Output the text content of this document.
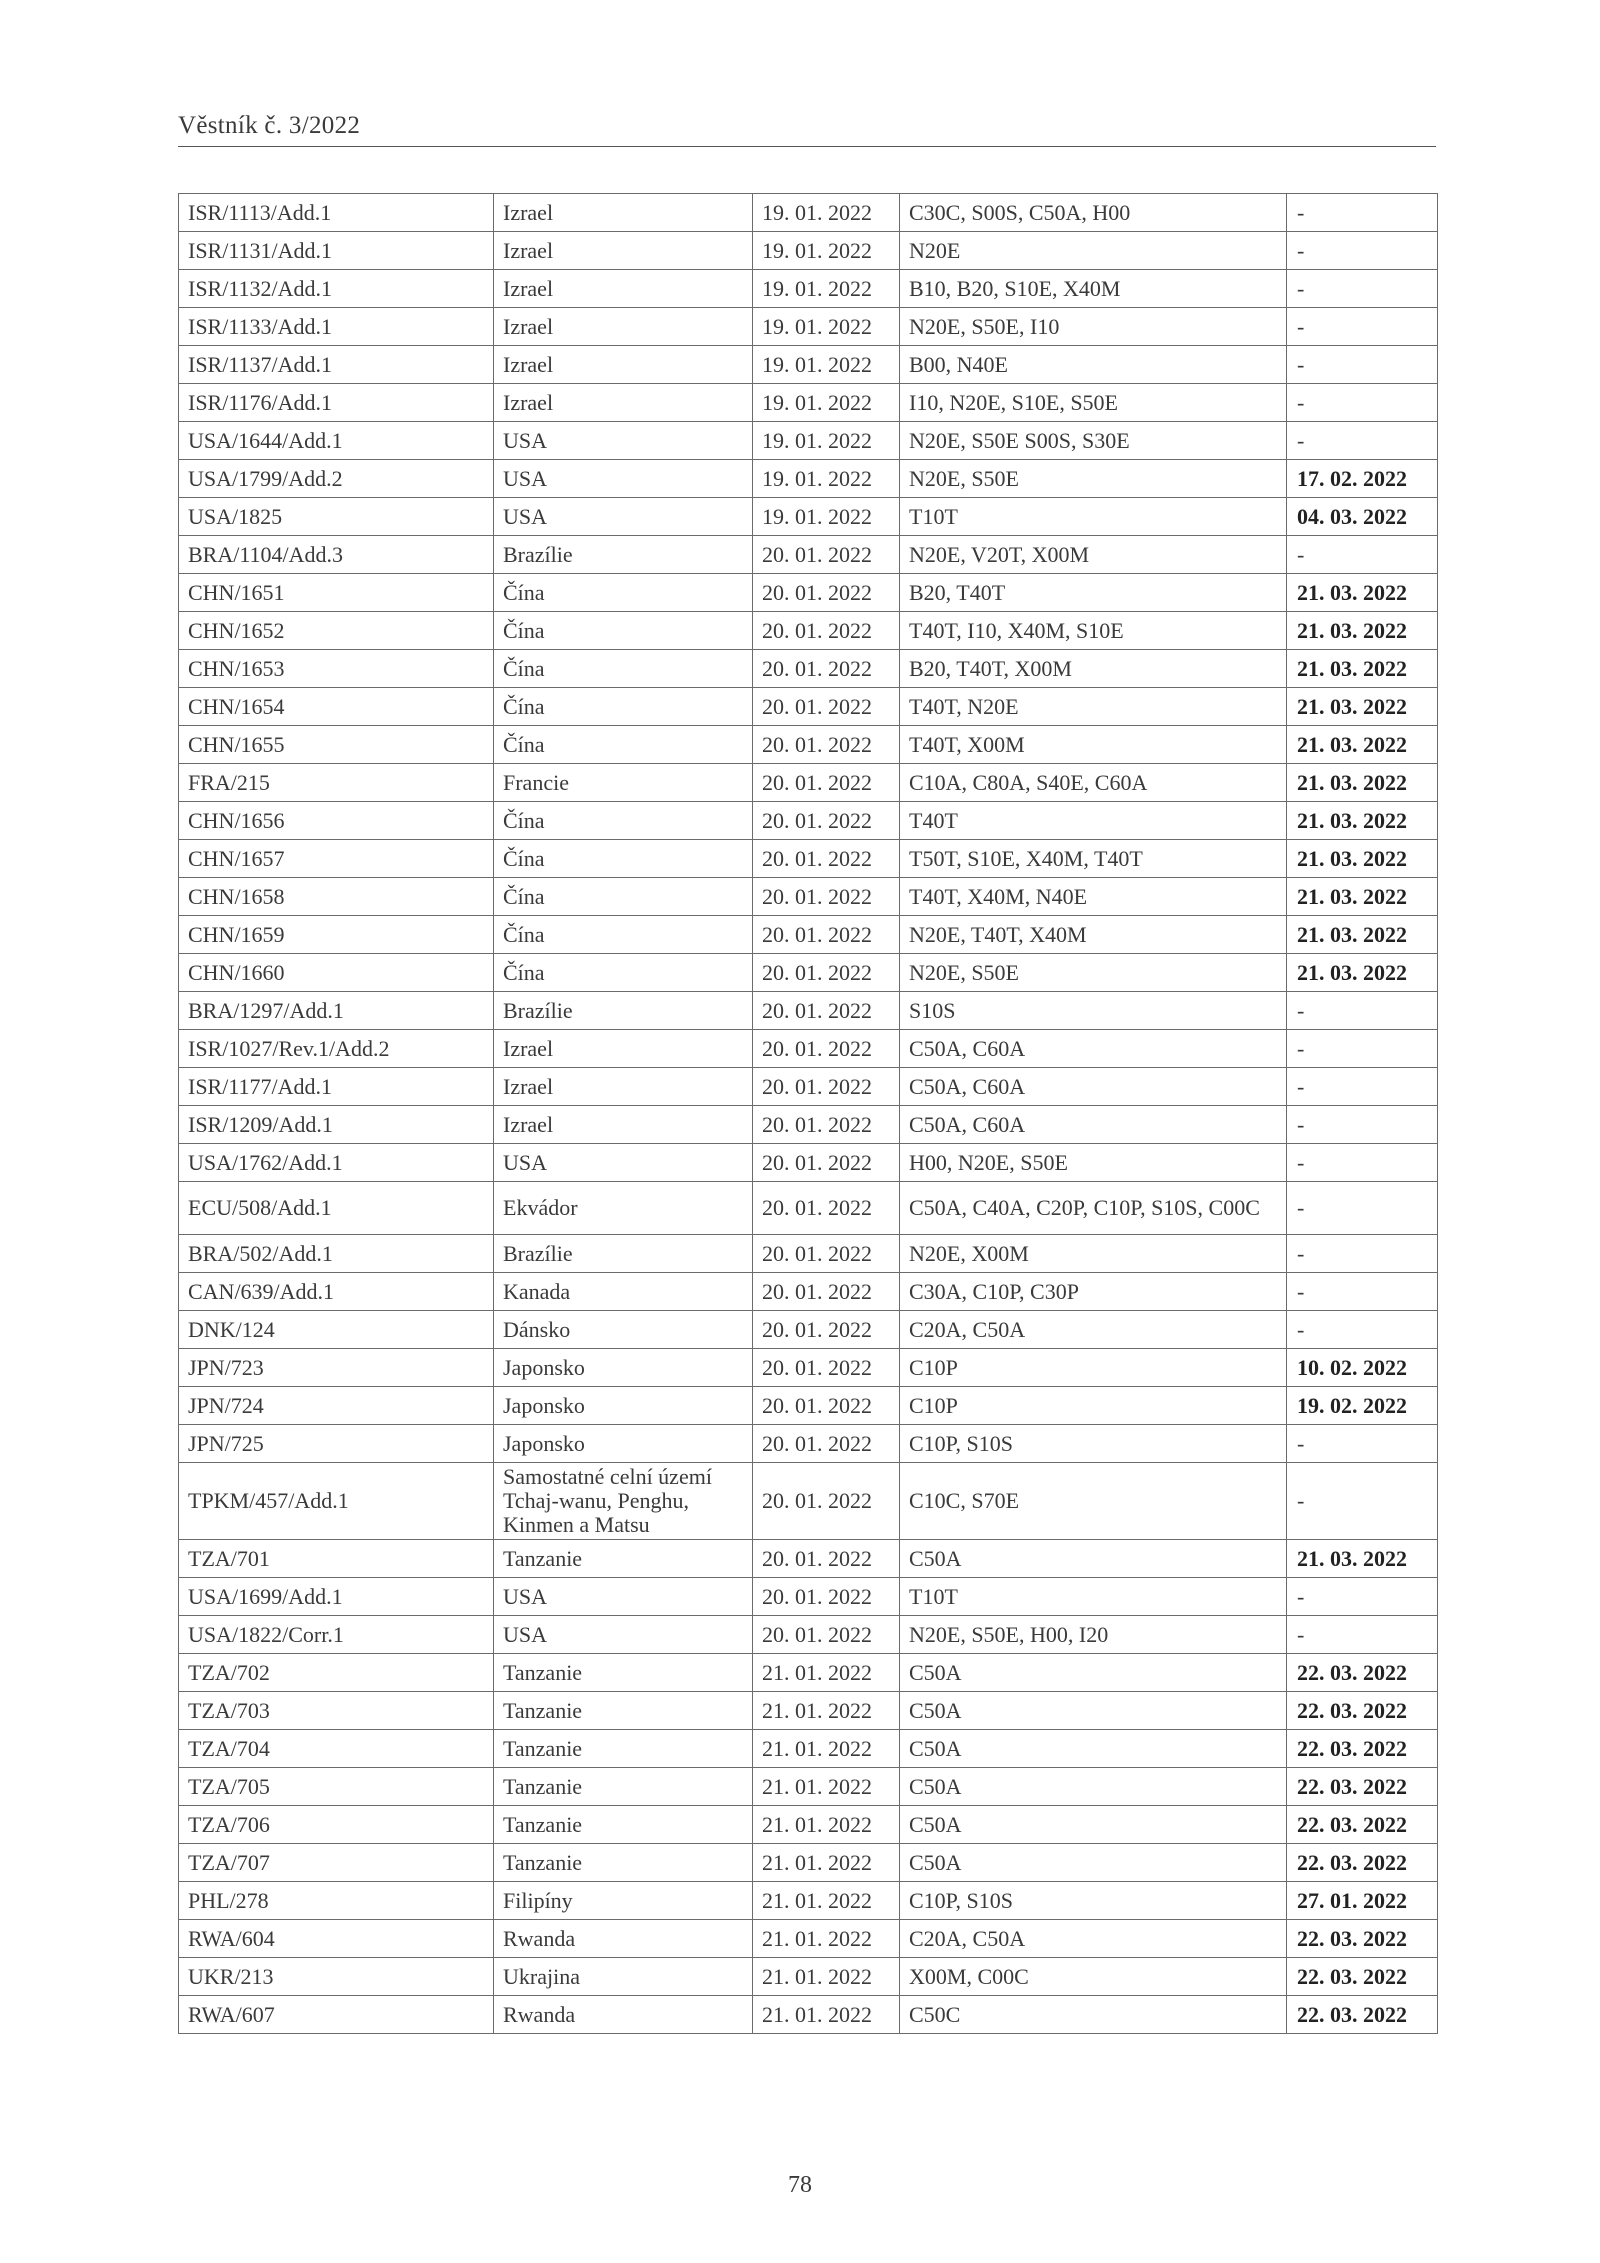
Věstník č. 3/2022
ISR/1113/Add.1	Izrael	19. 01. 2022	C30C, S00S, C50A, H00	-
ISR/1131/Add.1	Izrael	19. 01. 2022	N20E	-
ISR/1132/Add.1	Izrael	19. 01. 2022	B10, B20, S10E, X40M	-
ISR/1133/Add.1	Izrael	19. 01. 2022	N20E, S50E, I10	-
ISR/1137/Add.1	Izrael	19. 01. 2022	B00, N40E	-
ISR/1176/Add.1	Izrael	19. 01. 2022	I10, N20E, S10E, S50E	-
USA/1644/Add.1	USA	19. 01. 2022	N20E, S50E S00S, S30E	-
USA/1799/Add.2	USA	19. 01. 2022	N20E, S50E	17. 02. 2022
USA/1825	USA	19. 01. 2022	T10T	04. 03. 2022
BRA/1104/Add.3	Brazílie	20. 01. 2022	N20E, V20T, X00M	-
CHN/1651	Čína	20. 01. 2022	B20, T40T	21. 03. 2022
CHN/1652	Čína	20. 01. 2022	T40T, I10, X40M, S10E	21. 03. 2022
CHN/1653	Čína	20. 01. 2022	B20, T40T, X00M	21. 03. 2022
CHN/1654	Čína	20. 01. 2022	T40T, N20E	21. 03. 2022
CHN/1655	Čína	20. 01. 2022	T40T, X00M	21. 03. 2022
FRA/215	Francie	20. 01. 2022	C10A, C80A, S40E, C60A	21. 03. 2022
CHN/1656	Čína	20. 01. 2022	T40T	21. 03. 2022
CHN/1657	Čína	20. 01. 2022	T50T, S10E, X40M, T40T	21. 03. 2022
CHN/1658	Čína	20. 01. 2022	T40T, X40M, N40E	21. 03. 2022
CHN/1659	Čína	20. 01. 2022	N20E, T40T, X40M	21. 03. 2022
CHN/1660	Čína	20. 01. 2022	N20E, S50E	21. 03. 2022
BRA/1297/Add.1	Brazílie	20. 01. 2022	S10S	-
ISR/1027/Rev.1/Add.2	Izrael	20. 01. 2022	C50A, C60A	-
ISR/1177/Add.1	Izrael	20. 01. 2022	C50A, C60A	-
ISR/1209/Add.1	Izrael	20. 01. 2022	C50A, C60A	-
USA/1762/Add.1	USA	20. 01. 2022	H00, N20E, S50E	-
ECU/508/Add.1	Ekvádor	20. 01. 2022	C50A, C40A, C20P, C10P, S10S, C00C	-
BRA/502/Add.1	Brazílie	20. 01. 2022	N20E, X00M	-
CAN/639/Add.1	Kanada	20. 01. 2022	C30A, C10P, C30P	-
DNK/124	Dánsko	20. 01. 2022	C20A, C50A	-
JPN/723	Japonsko	20. 01. 2022	C10P	10. 02. 2022
JPN/724	Japonsko	20. 01. 2022	C10P	19. 02. 2022
JPN/725	Japonsko	20. 01. 2022	C10P, S10S	-
TPKM/457/Add.1	Samostatné celní území Tchaj-wanu, Penghu, Kinmen a Matsu	20. 01. 2022	C10C, S70E	-
TZA/701	Tanzanie	20. 01. 2022	C50A	21. 03. 2022
USA/1699/Add.1	USA	20. 01. 2022	T10T	-
USA/1822/Corr.1	USA	20. 01. 2022	N20E, S50E, H00, I20	-
TZA/702	Tanzanie	21. 01. 2022	C50A	22. 03. 2022
TZA/703	Tanzanie	21. 01. 2022	C50A	22. 03. 2022
TZA/704	Tanzanie	21. 01. 2022	C50A	22. 03. 2022
TZA/705	Tanzanie	21. 01. 2022	C50A	22. 03. 2022
TZA/706	Tanzanie	21. 01. 2022	C50A	22. 03. 2022
TZA/707	Tanzanie	21. 01. 2022	C50A	22. 03. 2022
PHL/278	Filipíny	21. 01. 2022	C10P, S10S	27. 01. 2022
RWA/604	Rwanda	21. 01. 2022	C20A, C50A	22. 03. 2022
UKR/213	Ukrajina	21. 01. 2022	X00M, C00C	22. 03. 2022
RWA/607	Rwanda	21. 01. 2022	C50C	22. 03. 2022
78
